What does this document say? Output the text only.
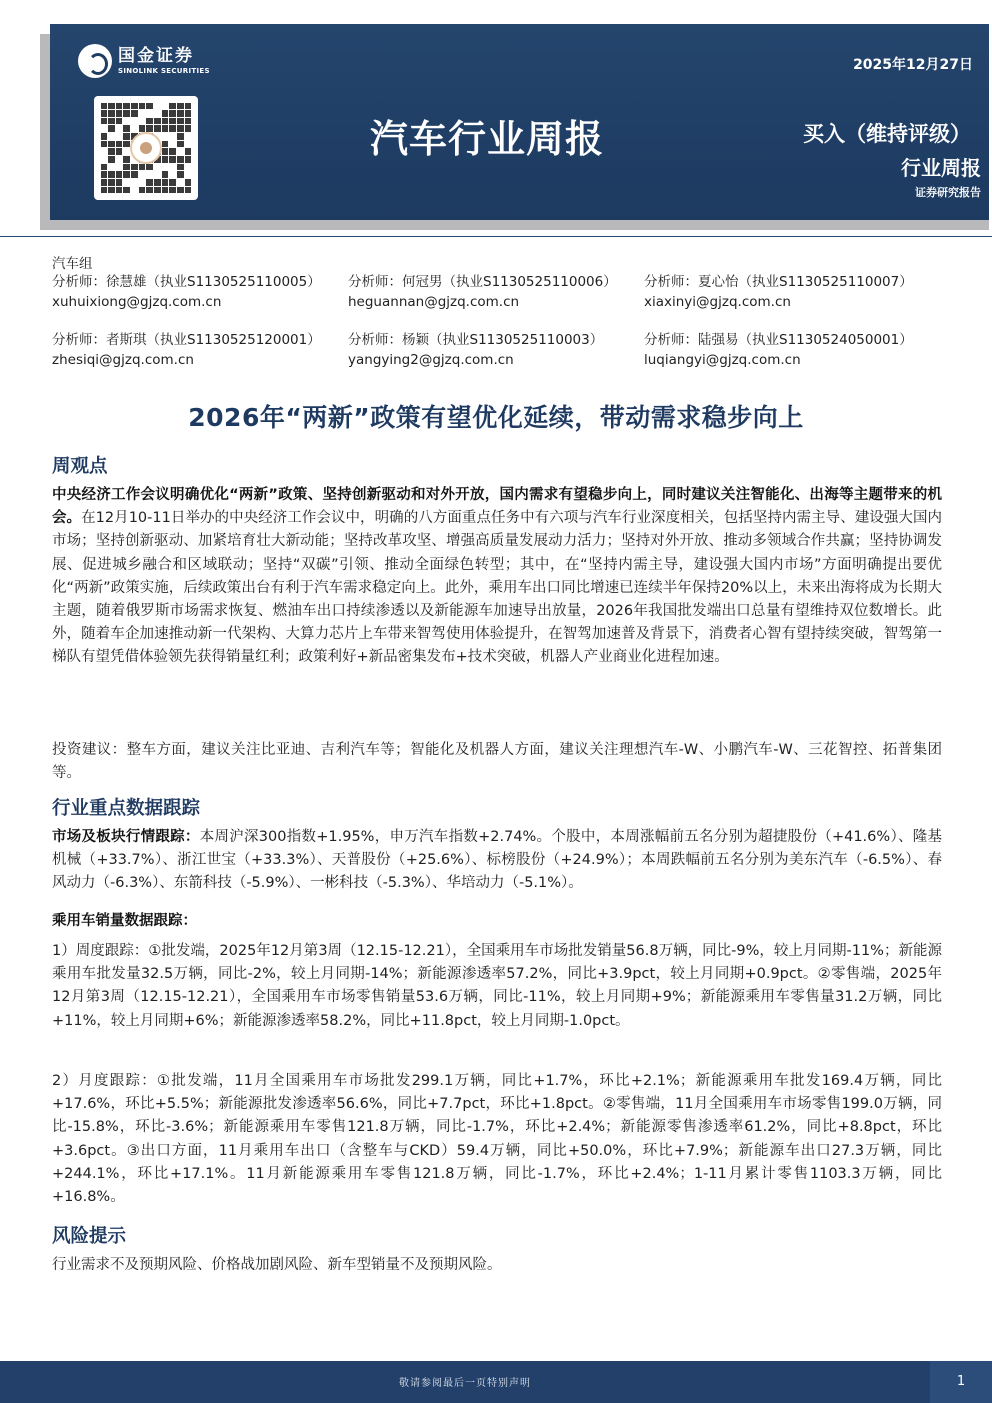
国金证券
SINOLINK SECURITIES	2025年12月27日
汽车行业周报	买入（维持评级）
行业周报
证券研究报告
汽车组
分析师：徐慧雄（执业S1130525110005）
xuhuixiong@gjzq.com.cn
分析师：何冠男（执业S1130525110006）
heguannan@gjzq.com.cn
分析师：夏心怡（执业S1130525110007）
xiaxinyi@gjzq.com.cn
分析师：者斯琪（执业S1130525120001）
zhesiqi@gjzq.com.cn
分析师：杨颖（执业S1130525110003）
yangying2@gjzq.com.cn
分析师：陆强易（执业S1130524050001）
luqiangyi@gjzq.com.cn
2026年“两新”政策有望优化延续，带动需求稳步向上
周观点
中央经济工作会议明确优化“两新”政策、坚持创新驱动和对外开放，国内需求有望稳步向上，同时建议关注智能化、出海等主题带来的机会。在12月10-11日举办的中央经济工作会议中，明确的八方面重点任务中有六项与汽车行业深度相关，包括坚持内需主导、建设强大国内市场；坚持创新驱动、加紧培育壮大新动能；坚持改革攻坚、增强高质量发展动力活力；坚持对外开放、推动多领域合作共赢；坚持协调发展、促进城乡融合和区域联动；坚持“双碳”引领、推动全面绿色转型；其中，在“坚持内需主导，建设强大国内市场”方面明确提出要优化“两新”政策实施，后续政策出台有利于汽车需求稳定向上。此外，乘用车出口同比增速已连续半年保持20%以上，未来出海将成为长期大主题，随着俄罗斯市场需求恢复、燃油车出口持续渗透以及新能源车加速导出放量，2026年我国批发端出口总量有望维持双位数增长。此外，随着车企加速推动新一代架构、大算力芯片上车带来智驾使用体验提升，在智驾加速普及背景下，消费者心智有望持续突破，智驾第一梯队有望凭借体验领先获得销量红利；政策利好+新品密集发布+技术突破，机器人产业商业化进程加速。
投资建议：整车方面，建议关注比亚迪、吉利汽车等；智能化及机器人方面，建议关注理想汽车-W、小鹏汽车-W、三花智控、拓普集团等。
行业重点数据跟踪
市场及板块行情跟踪：本周沪深300指数+1.95%，申万汽车指数+2.74%。个股中，本周涨幅前五名分别为超捷股份（+41.6%）、隆基机械（+33.7%）、浙江世宝（+33.3%）、天普股份（+25.6%）、标榜股份（+24.9%）；本周跌幅前五名分别为美东汽车（-6.5%）、春风动力（-6.3%）、东箭科技（-5.9%）、一彬科技（-5.3%）、华培动力（-5.1%）。
乘用车销量数据跟踪：
1）周度跟踪：①批发端，2025年12月第3周（12.15-12.21），全国乘用车市场批发销量56.8万辆，同比-9%，较上月同期-11%；新能源乘用车批发量32.5万辆，同比-2%，较上月同期-14%；新能源渗透率57.2%，同比+3.9pct，较上月同期+0.9pct。②零售端，2025年12月第3周（12.15-12.21），全国乘用车市场零售销量53.6万辆，同比-11%，较上月同期+9%；新能源乘用车零售量31.2万辆，同比+11%，较上月同期+6%；新能源渗透率58.2%，同比+11.8pct，较上月同期-1.0pct。
2）月度跟踪：①批发端，11月全国乘用车市场批发299.1万辆，同比+1.7%，环比+2.1%；新能源乘用车批发169.4万辆，同比+17.6%，环比+5.5%；新能源批发渗透率56.6%，同比+7.7pct，环比+1.8pct。②零售端，11月全国乘用车市场零售199.0万辆，同比-15.8%，环比-3.6%；新能源乘用车零售121.8万辆，同比-1.7%，环比+2.4%；新能源零售渗透率61.2%，同比+8.8pct，环比+3.6pct。③出口方面，11月乘用车出口（含整车与CKD）59.4万辆，同比+50.0%，环比+7.9%；新能源车出口27.3万辆，同比+244.1%，环比+17.1%。11月新能源乘用车零售121.8万辆，同比-1.7%，环比+2.4%；1-11月累计零售1103.3万辆，同比+16.8%。
风险提示
行业需求不及预期风险、价格战加剧风险、新车型销量不及预期风险。
敬请参阅最后一页特别声明	1
